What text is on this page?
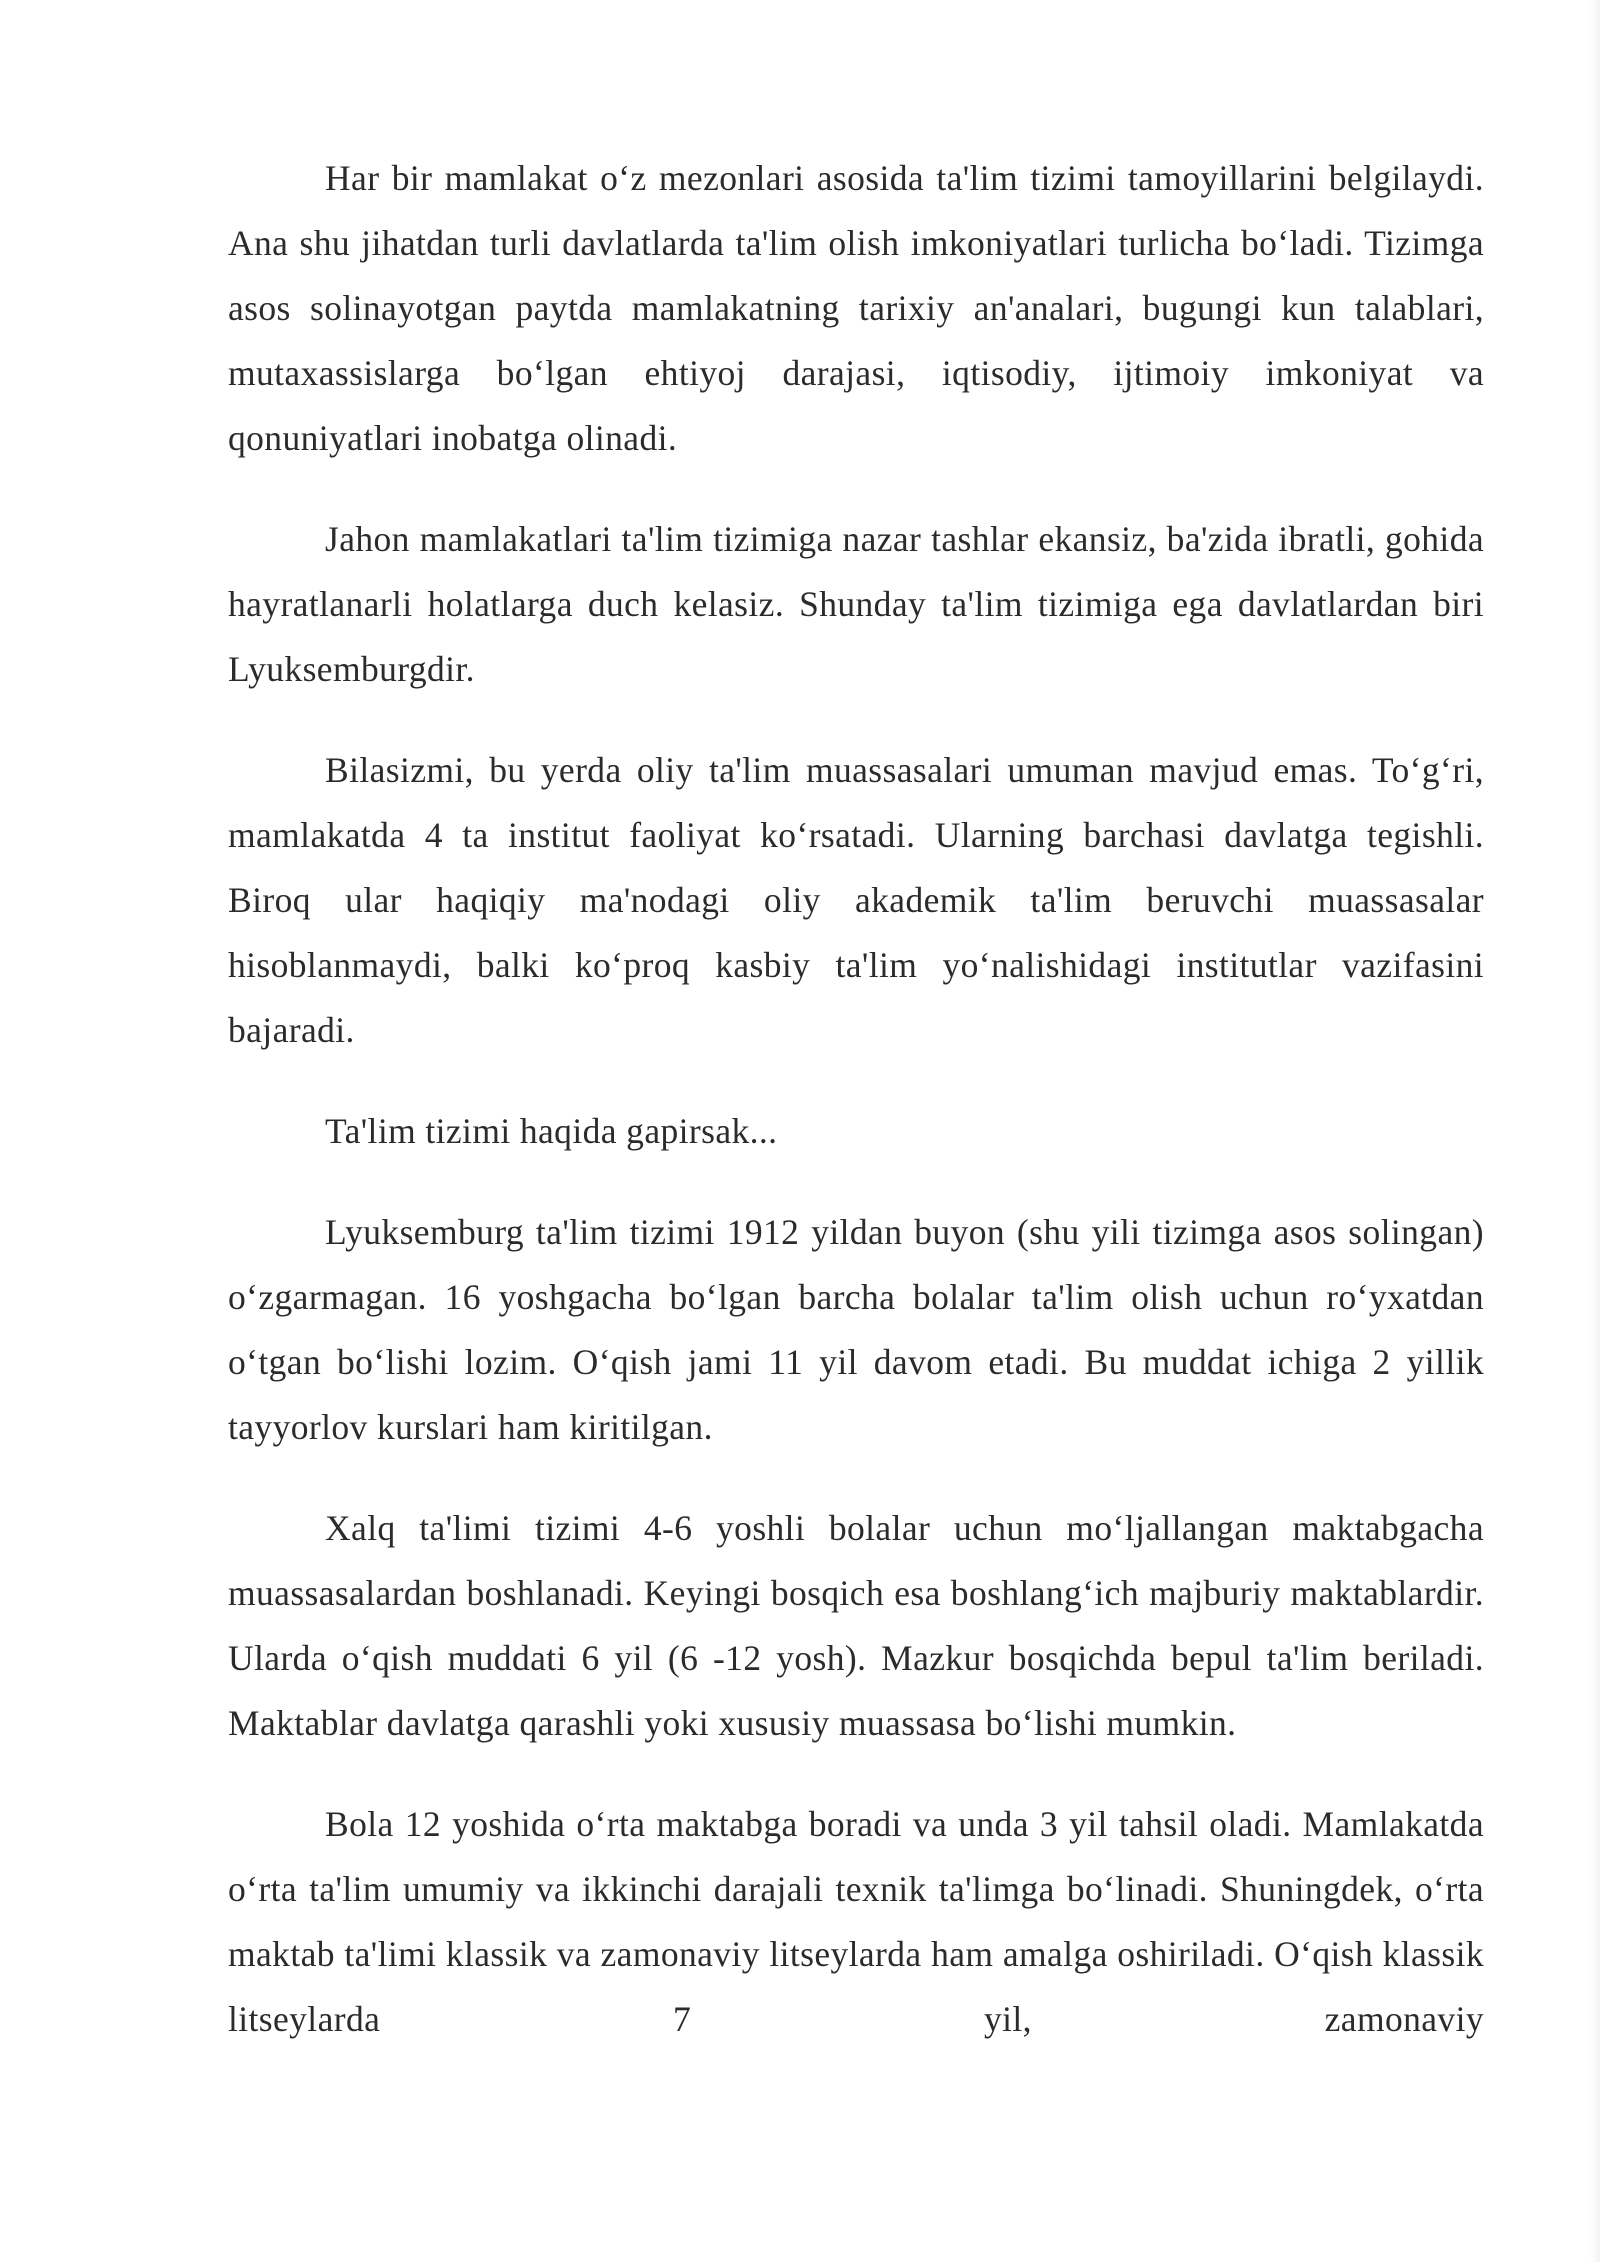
Har bir mamlakat o‘z mezonlari asosida ta'lim tizimi tamoyillarini belgilaydi. Ana shu jihatdan turli davlatlarda ta'lim olish imkoniyatlari turlicha bo‘ladi. Tizimga asos solinayotgan paytda mamlakatning tarixiy an'analari, bugungi kun talablari, mutaxassislarga bo‘lgan ehtiyoj darajasi, iqtisodiy, ijtimoiy imkoniyat va qonuniyatlari inobatga olinadi.

Jahon mamlakatlari ta'lim tizimiga nazar tashlar ekansiz, ba'zida ibratli, gohida hayratlanarli holatlarga duch kelasiz. Shunday ta'lim tizimiga ega davlatlardan biri Lyuksemburgdir.

Bilasizmi, bu yerda oliy ta'lim muassasalari umuman mavjud emas. To‘g‘ri, mamlakatda 4 ta institut faoliyat ko‘rsatadi. Ularning barchasi davlatga tegishli. Biroq ular haqiqiy ma'nodagi oliy akademik ta'lim beruvchi muassasalar hisoblanmaydi, balki ko‘proq kasbiy ta'lim yo‘nalishidagi institutlar vazifasini bajaradi.

Ta'lim tizimi haqida gapirsak...

Lyuksemburg ta'lim tizimi 1912 yildan buyon (shu yili tizimga asos solingan) o‘zgarmagan. 16 yoshgacha bo‘lgan barcha bolalar ta'lim olish uchun ro‘yxatdan o‘tgan bo‘lishi lozim. O‘qish jami 11 yil davom etadi. Bu muddat ichiga 2 yillik tayyorlov kurslari ham kiritilgan.

Xalq ta'limi tizimi 4-6 yoshli bolalar uchun mo‘ljallangan maktabgacha muassasalardan boshlanadi. Keyingi bosqich esa boshlang‘ich majburiy maktablardir. Ularda o‘qish muddati 6 yil (6 -12 yosh). Mazkur bosqichda bepul ta'lim beriladi. Maktablar davlatga qarashli yoki xususiy muassasa bo‘lishi mumkin.

Bola 12 yoshida o‘rta maktabga boradi va unda 3 yil tahsil oladi. Mamlakatda o‘rta ta'lim umumiy va ikkinchi darajali texnik ta'limga bo‘linadi. Shuningdek, o‘rta maktab ta'limi klassik va zamonaviy litseylarda ham amalga oshiriladi. O‘qish klassik litseylarda 7 yil, zamonaviy
